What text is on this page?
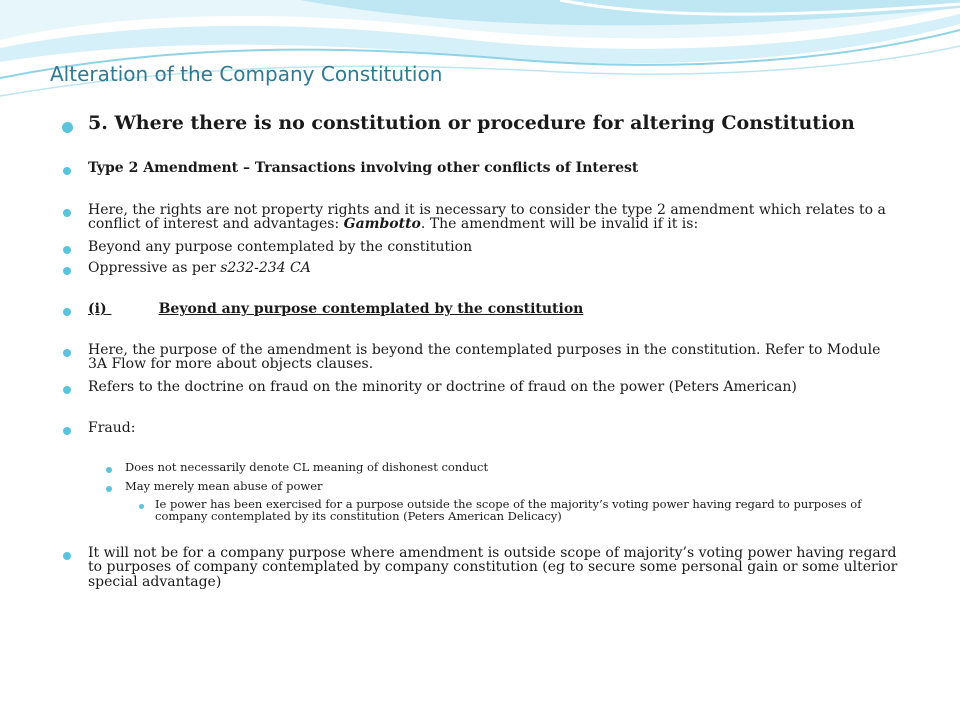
Alteration of the Company Constitution

5. Where there is no constitution or procedure for altering Constitution

Type 2 Amendment – Transactions involving other conflicts of Interest

Here, the rights are not property rights and it is necessary to consider the type 2 amendment which relates to a conflict of interest and advantages: Gambotto. The amendment will be invalid if it is:

Beyond any purpose contemplated by the constitution

Oppressive as per s232-234 CA

(i)	Beyond any purpose contemplated by the constitution

Here, the purpose of the amendment is beyond the contemplated purposes in the constitution. Refer to Module 3A Flow for more about objects clauses.

Refers to the doctrine on fraud on the minority or doctrine of fraud on the power (Peters American)

Fraud:

Does not necessarily denote CL meaning of dishonest conduct

May merely mean abuse of power

Ie power has been exercised for a purpose outside the scope of the majority’s voting power having regard to purposes of company contemplated by its constitution (Peters American Delicacy)

It will not be for a company purpose where amendment is outside scope of majority’s voting power having regard to purposes of company contemplated by company constitution (eg to secure some personal gain or some ulterior special advantage)
